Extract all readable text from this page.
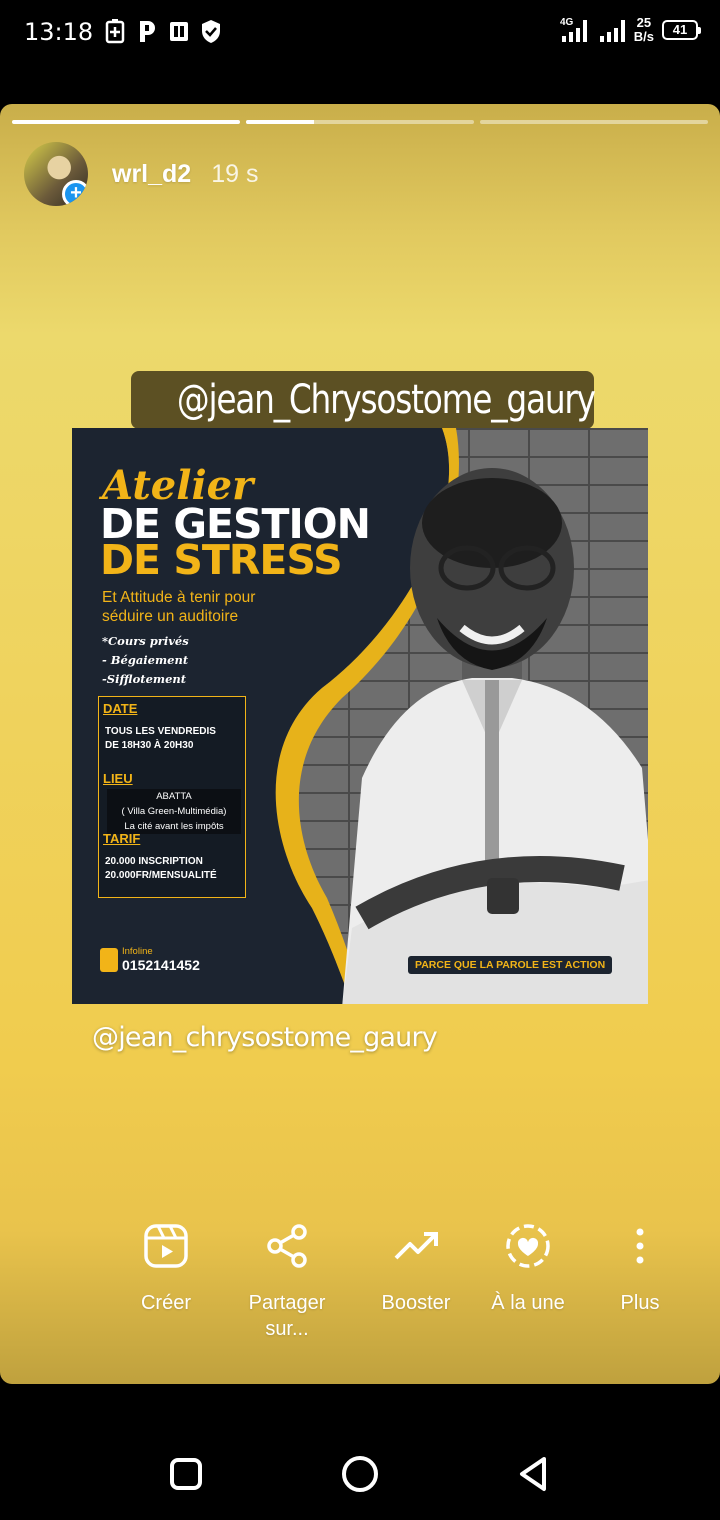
13:18	4G	25
B/s	41
+
wrl_d2 19 s
@jean_Chrysostome_gaury
Atelier
DE GESTION
DE STRESS
Et Attitude à tenir pour
séduire un auditoire
*Cours privés
- Bégaiement
-Sifflotement
DATE
TOUS LES VENDREDIS
DE 18H30 À 20H30
LIEU
ABATTA
( Villa Green-Multimédia)
La cité avant les impôts
TARIF
20.000 INSCRIPTION
20.000FR/MENSUALITÉ
Infoline
0152141452	PARCE QUE LA PAROLE EST ACTION
@jean_chrysostome_gaury
Créer	Partager sur...
Booster	À la une	Plus
